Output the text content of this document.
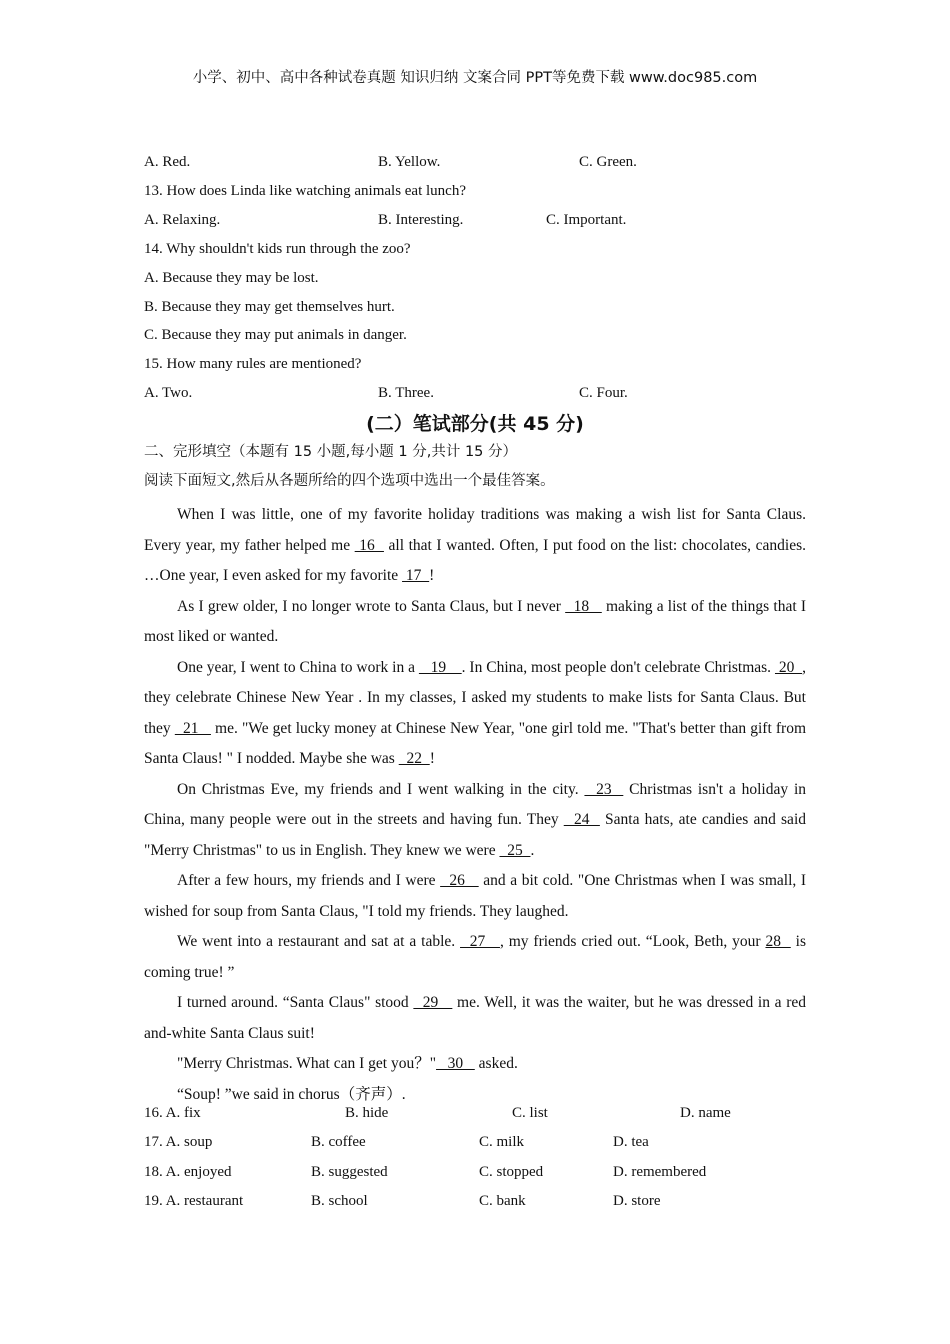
小学、初中、高中各种试卷真题 知识归纳 文案合同 PPT等免费下载 www.doc985.com
A. Red.	B. Yellow.	C. Green.
13. How does Linda like watching animals eat lunch?
A. Relaxing.	B. Interesting.	C. Important.
14. Why shouldn't kids run through the zoo?
A. Because they may be lost.
B. Because they may get themselves hurt.
C. Because they may put animals in danger.
15. How many rules are mentioned?
A. Two.	B. Three.	C. Four.
(二）笔试部分(共 45 分)
二、完形填空（本题有 15 小题,每小题 1 分,共计 15 分）
阅读下面短文,然后从各题所给的四个选项中选出一个最佳答案。

When I was little, one of my favorite holiday traditions was making a wish list for Santa Claus. Every year, my father helped me  16   all that I wanted. Often, I put food on the list: chocolates, candies. …One year, I even asked for my favorite  17  !

As I grew older, I no longer wrote to Santa Claus, but I never   18    making a list of the things that I most liked or wanted.

One year, I went to China to work in a    19    . In China, most people don't celebrate Christmas.  20  , they celebrate Chinese New Year . In my classes, I asked my students to make lists for Santa Claus. But they   21    me. "We get lucky money at Chinese New Year, "one girl told me. "That's better than gift from Santa Claus! " I nodded. Maybe she was   22  !

On Christmas Eve, my friends and I went walking in the city.   23   Christmas isn't a holiday in China, many people were out in the streets and having fun. They   24   Santa hats, ate candies and said "Merry Christmas" to us in English. They knew we were   25  .

After a few hours, my friends and I were   26    and a bit cold. "One Christmas when I was small, I wished for soup from Santa Claus, "I told my friends. They laughed.

We went into a restaurant and sat at a table.   27   , my friends cried out. “Look, Beth, your 28   is coming true! ”

I turned around. “Santa Claus" stood   29    me. Well, it was the waiter, but he was dressed in a red and-white Santa Claus suit!

"Merry Christmas. What can I get you？"   30    asked.

“Soup! ”we said in chorus（齐声）.

16. A. fix	B. hide	C. list	D. name
17. A. soup	B. coffee	C. milk	D. tea
18. A. enjoyed	B. suggested	C. stopped	D. remembered
19. A. restaurant	B. school	C. bank	D. store
